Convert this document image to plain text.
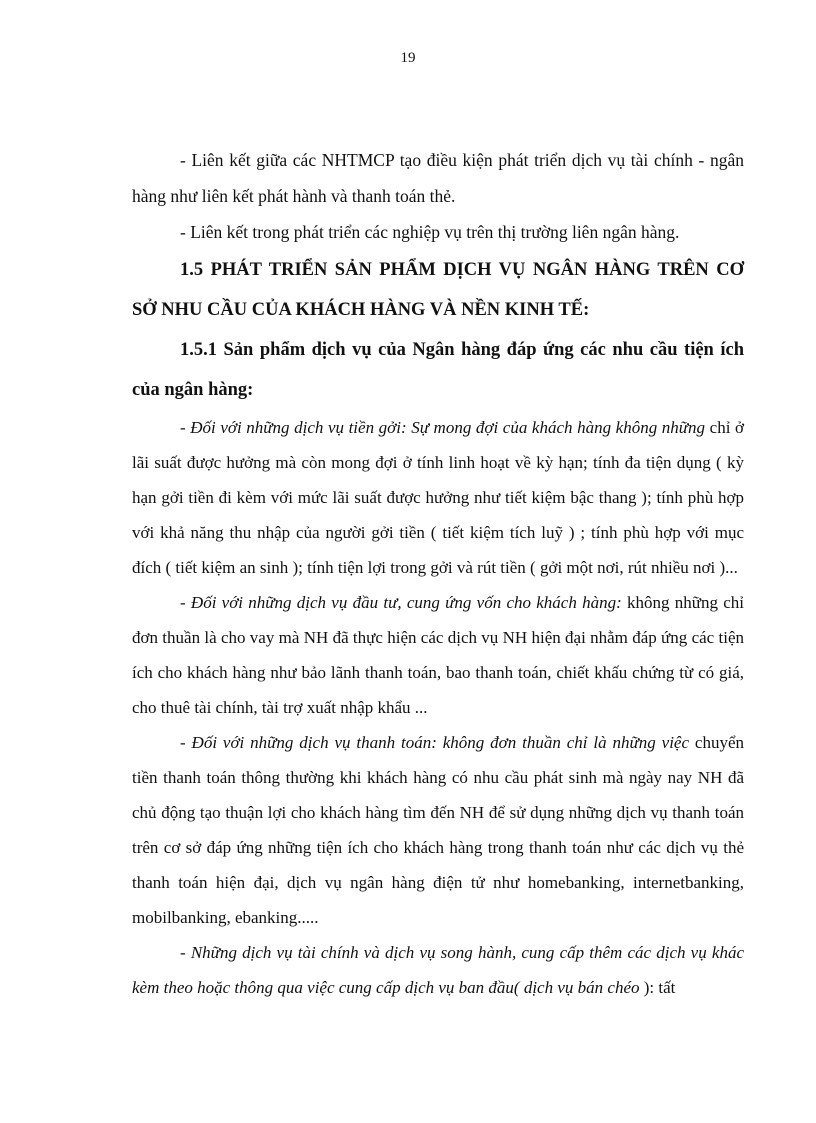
19

- Liên kết giữa các NHTMCP tạo điều kiện phát triển dịch vụ tài chính - ngân hàng như liên kết phát hành và thanh toán thẻ.

- Liên kết trong phát triển các nghiệp vụ trên thị trường liên ngân hàng.

1.5 PHÁT TRIỂN SẢN PHẨM DỊCH VỤ NGÂN HÀNG TRÊN CƠ SỞ NHU CẦU CỦA KHÁCH HÀNG VÀ NỀN KINH TẾ:

1.5.1 Sản phẩm dịch vụ của Ngân hàng đáp ứng các nhu cầu tiện ích của ngân hàng:

- Đối với những dịch vụ tiền gởi: Sự mong đợi của khách hàng không những chỉ ở lãi suất được hưởng mà còn mong đợi ở tính linh hoạt về kỳ hạn; tính đa tiện dụng ( kỳ hạn gởi tiền đi kèm với mức lãi suất được hưởng như tiết kiệm bậc thang ); tính phù hợp với khả năng thu nhập của người gởi tiền ( tiết kiệm tích luỹ ) ; tính phù hợp với mục đích ( tiết kiệm an sinh ); tính tiện lợi trong gởi và rút tiền ( gởi một nơi, rút nhiều nơi )...

- Đối với những dịch vụ đầu tư, cung ứng vốn cho khách hàng: không những chỉ đơn thuần là cho vay mà NH đã thực hiện các dịch vụ NH hiện đại nhằm đáp ứng các tiện ích cho khách hàng như bảo lãnh thanh toán, bao thanh toán, chiết khấu chứng từ có giá, cho thuê tài chính, tài trợ xuất nhập khẩu ...

- Đối với những dịch vụ thanh toán: không đơn thuần chỉ là những việc chuyển tiền thanh toán thông thường khi khách hàng có nhu cầu phát sinh mà ngày nay NH đã chủ động tạo thuận lợi cho khách hàng tìm đến NH để sử dụng những dịch vụ thanh toán trên cơ sở đáp ứng những tiện ích cho khách hàng trong thanh toán như các dịch vụ thẻ thanh toán hiện đại, dịch vụ ngân hàng điện tử như homebanking, internetbanking, mobilbanking, ebanking.....

- Những dịch vụ tài chính và dịch vụ song hành, cung cấp thêm các dịch vụ khác kèm theo hoặc thông qua việc cung cấp dịch vụ ban đầu( dịch vụ bán chéo ): tất
